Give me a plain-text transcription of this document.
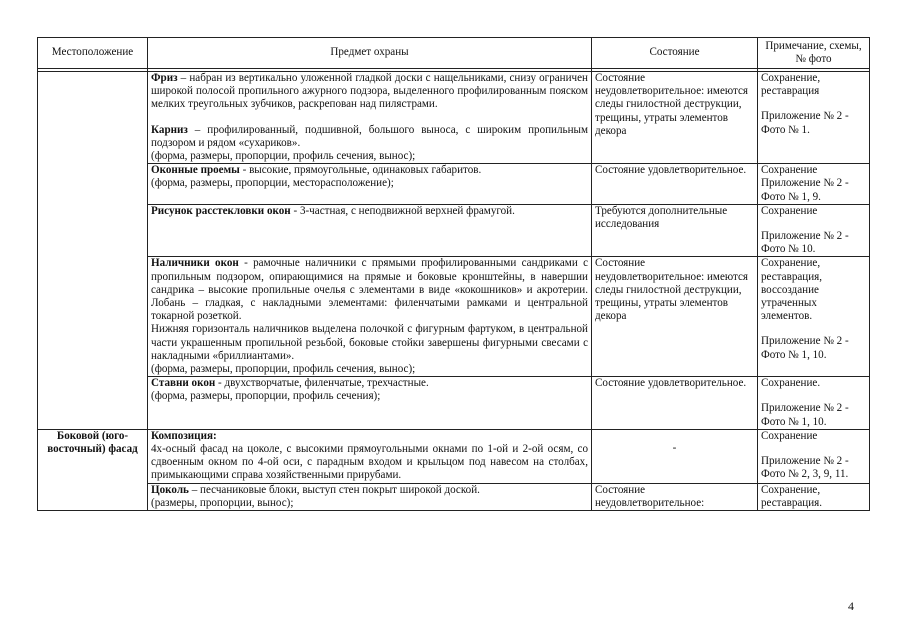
Местоположение	Предмет охраны	Состояние	Примечание, схемы, № фото

	Фриз – набран из вертикально уложенной гладкой доски с нащельниками, снизу ограничен широкой полосой пропильного ажурного подзора, выделенного профилированным пояском мелких треугольных зубчиков, раскрепован над пилястрами.
Карниз – профилированный, подшивной, большого выноса, с широким пропильным подзором и рядом «сухариков».
(форма, размеры, пропорции, профиль сечения, вынос);	Состояние неудовлетворительное: имеются следы гнилостной деструкции, трещины, утраты элементов декора	Сохранение, реставрация
Приложение № 2 - Фото № 1.

	Оконные проемы - высокие, прямоугольные, одинаковых габаритов.
(форма, размеры, пропорции, месторасположение);	Состояние удовлетворительное.	Сохранение
Приложение № 2 - Фото № 1, 9.

	Рисунок расстекловки окон - 3-частная, с неподвижной верхней фрамугой.	Требуются дополнительные исследования	Сохранение
Приложение № 2 - Фото № 10.

	Наличники окон - рамочные наличники с прямыми профилированными сандриками с пропильным подзором, опирающимися на прямые и боковые кронштейны, в навершии сандрика – высокие пропильные очелья с элементами в виде «кокошников» и акротерии. Лобань – гладкая, с накладными элементами: филенчатыми рамками и центральной токарной розеткой.
Нижняя горизонталь наличников выделена полочкой с фигурным фартуком, в центральной части украшенным пропильной резьбой, боковые стойки завершены фигурными свесами с накладными «бриллиантами».
(форма, размеры, пропорции, профиль сечения, вынос);	Состояние неудовлетворительное: имеются следы гнилостной деструкции, трещины, утраты элементов декора	Сохранение, реставрация, воссоздание утраченных элементов.
Приложение № 2 - Фото № 1, 10.

	Ставни окон - двухстворчатые, филенчатые, трехчастные.
(форма, размеры, пропорции, профиль сечения);	Состояние удовлетворительное.	Сохранение.
Приложение № 2 - Фото № 1, 10.

Боковой (юго-восточный) фасад	Композиция:
4х-осный фасад на цоколе, с высокими прямоугольными окнами по 1-ой и 2-ой осям, со сдвоенным окном по 4-ой оси, с парадным входом и крыльцом под навесом на столбах, примыкающими справа хозяйственными прирубами.	-	Сохранение
Приложение № 2 - Фото № 2, 3, 9, 11.

	Цоколь – песчаниковые блоки, выступ стен покрыт широкой доской.
(размеры, пропорции, вынос);	Состояние неудовлетворительное:	Сохранение, реставрация.
4
